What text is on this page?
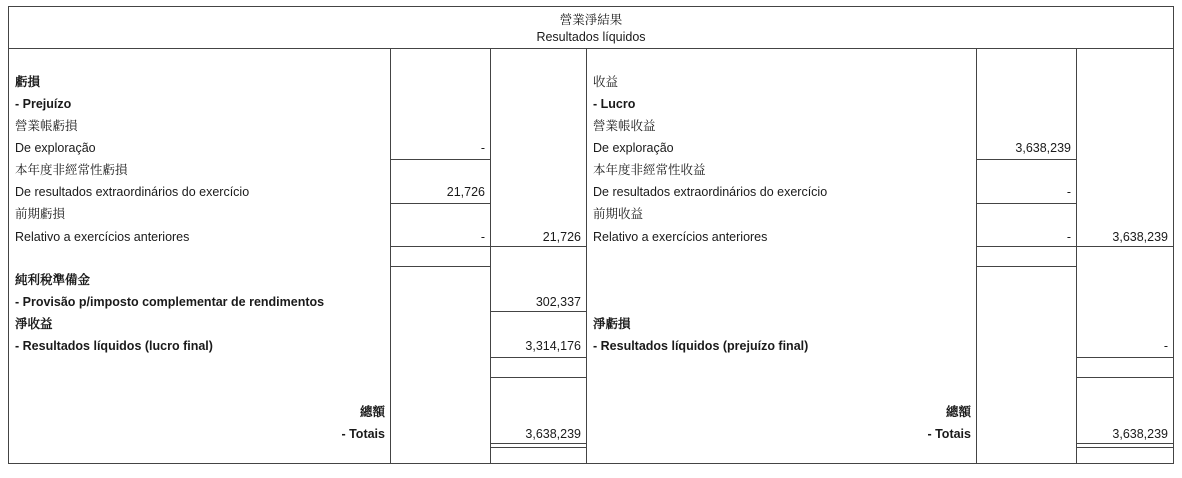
營業淨結果
Resultados líquidos
虧損
- Prejuízo
營業帳虧損
De exploração	-
本年度非經常性虧損
De resultados extraordinários do exercício	21,726
前期虧損
Relativo a exercícios anteriores	-	21,726
純利稅準備金
- Provisão p/imposto complementar de rendimentos	302,337
淨收益
- Resultados líquidos (lucro final)	3,314,176
總額
- Totais	3,638,239
收益
- Lucro
營業帳收益
De exploração	3,638,239
本年度非經常性收益
De resultados extraordinários do exercício	-
前期收益
Relativo a exercícios anteriores	-	3,638,239
淨虧損
- Resultados líquidos (prejuízo final)	-
總額
- Totais	3,638,239
